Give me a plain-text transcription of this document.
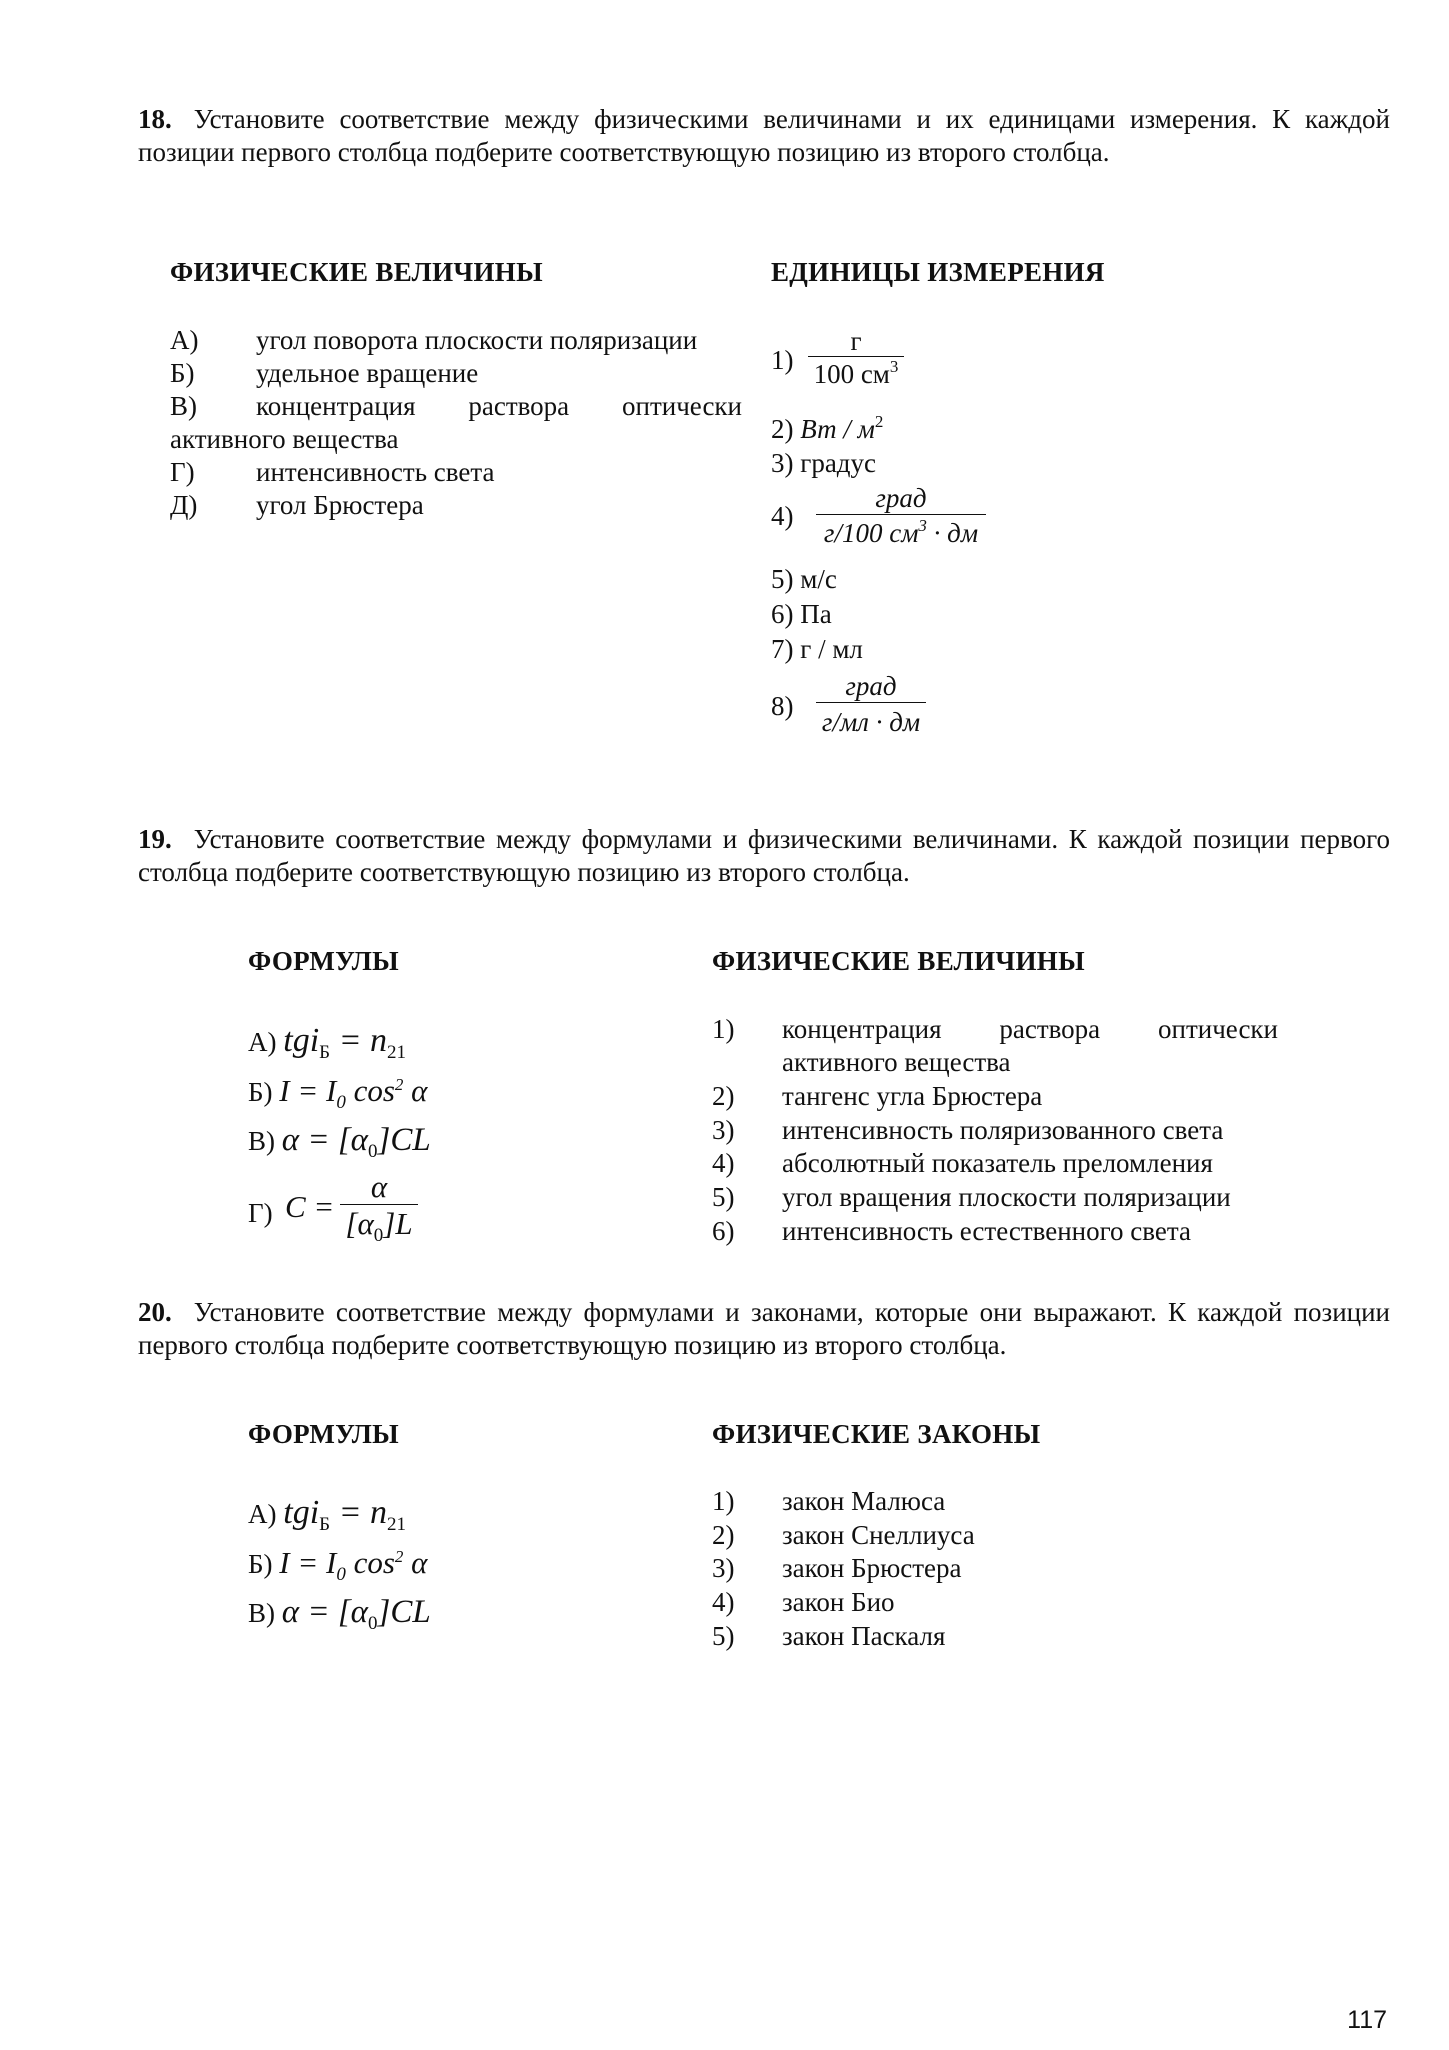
18. Установите соответствие между физическими величинами и их единицами измерения. К каждой позиции первого столбца подберите соответствующую позицию из второго столбца.
ФИЗИЧЕСКИЕ ВЕЛИЧИНЫ	ЕДИНИЦЫ ИЗМЕРЕНИЯ
А) угол поворота плоскости поляризации
Б) удельное вращение
В) концентрация раствора оптически
активного вещества
Г) интенсивность света
Д) угол Брюстера
1)
г
100 $см^3$
2) Вт / $м^2$
3) градус
4)
град
г/100 $см^3$ · дм
5) м/с
6) Па
7) г / мл
8)
град
г/мл · дм
19. Установите соответствие между формулами и физическими величинами. К каждой позиции первого столбца подберите соответствующую позицию из второго столбца.
ФОРМУЛЫ	ФИЗИЧЕСКИЕ ВЕЛИЧИНЫ
А) $tgi_Б = n_{21}$
Б) $I = I_0$ $\cos^2 \alpha$
В) $\alpha = [\alpha_0]CL$
Г) $C = \frac{\alpha}{[\alpha_0]L}$
1)	концентрация раствора оптически
активного вещества
2) тангенс угла Брюстера
3) интенсивность поляризованного света
4) абсолютный показатель преломления
5) угол вращения плоскости поляризации
6) интенсивность естественного света
20. Установите соответствие между формулами и законами, которые они выражают. К каждой позиции первого столбца подберите соответствующую позицию из второго столбца.
ФОРМУЛЫ	ФИЗИЧЕСКИЕ ЗАКОНЫ
А) $tgi_Б = n_{21}$
Б) $I = I_0$ $\cos^2 \alpha$
В) $\alpha = [\alpha_0]CL$
1) закон Малюса
2) закон Снеллиуса
3) закон Брюстера
4) закон Био
5) закон Паскаля
117
